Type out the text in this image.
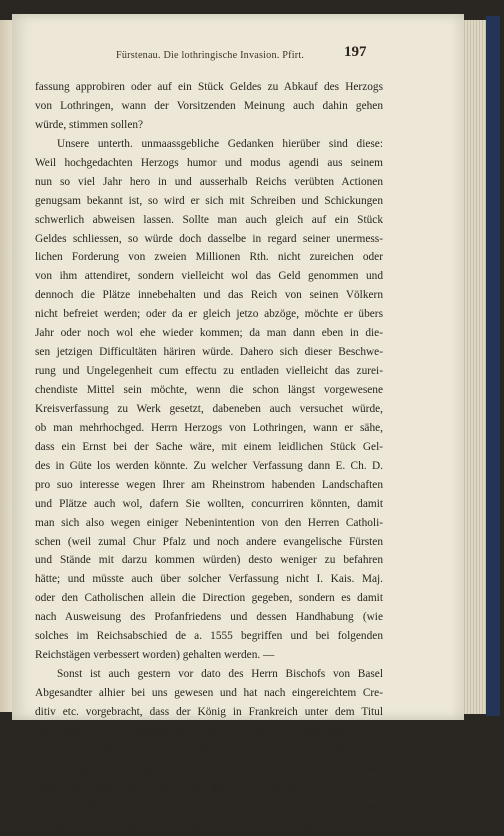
Fürstenau. Die lothringische Invasion. Pfirt.	197
fassung approbiren oder auf ein Stück Geldes zu Abkauf des Herzogs
von Lothringen, wann der Vorsitzenden Meinung auch dahin gehen
würde, stimmen sollen?
Unsere unterth. unmaassgebliche Gedanken hierüber sind diese:
Weil hochgedachten Herzogs humor und modus agendi aus seinem
nun so viel Jahr hero in und ausserhalb Reichs verübten Actionen
genugsam bekannt ist, so wird er sich mit Schreiben und Schickungen
schwerlich abweisen lassen. Sollte man auch gleich auf ein Stück
Geldes schliessen, so würde doch dasselbe in regard seiner unermess-
lichen Forderung von zweien Millionen Rth. nicht zureichen oder
von ihm attendiret, sondern vielleicht wol das Geld genommen und
dennoch die Plätze innebehalten und das Reich von seinen Völkern
nicht befreiet werden; oder da er gleich jetzo abzöge, möchte er übers
Jahr oder noch wol ehe wieder kommen; da man dann eben in die-
sen jetzigen Difficultäten häriren würde. Dahero sich dieser Beschwe-
rung und Ungelegenheit cum effectu zu entladen vielleicht das zurei-
chendiste Mittel sein möchte, wenn die schon längst vorgewesene
Kreisverfassung zu Werk gesetzt, dabeneben auch versuchet würde,
ob man mehrhochged. Herrn Herzogs von Lothringen, wann er sähe,
dass ein Ernst bei der Sache wäre, mit einem leidlichen Stück Gel-
des in Güte los werden könnte. Zu welcher Verfassung dann E. Ch. D.
pro suo interesse wegen Ihrer am Rheinstrom habenden Landschaften
und Plätze auch wol, dafern Sie wollten, concurriren könnten, damit
man sich also wegen einiger Nebenintention von den Herren Catholi-
schen (weil zumal Chur Pfalz und noch andere evangelische Fürsten
und Stände mit darzu kommen würden) desto weniger zu befahren
hätte; und müsste auch über solcher Verfassung nicht I. Kais. Maj.
oder den Catholischen allein die Direction gegeben, sondern es damit
nach Ausweisung des Profanfriedens und dessen Handhabung (wie
solches im Reichsabschied de a. 1555 begriffen und bei folgenden
Reichstägen verbessert worden) gehalten werden. —
Sonst ist auch gestern vor dato des Herrn Bischofs von Basel
Abgesandter alhier bei uns gewesen und hat nach eingereichtem Cre-
ditiv etc. vorgebracht, dass der König in Frankreich unter dem Titul
und Namen der Landgrafschaft Elsass, so ihm in Instrumento Pacis
loco satisfactionis gewilliget worden,auch die Grafschaft Pfirdt mit an
sich gezogen und eingenommen hätte. Weil aber dieselbe ein Lehn-
stück des Stifts Basel wäre, und des Herrn Bischofs f. Gn. in die
Alienation desselben nicht consentiret hätten, auch vor sich fast besser
als die ganze Landgrafschaft Elsass wäre und mit derselben nichts zu
